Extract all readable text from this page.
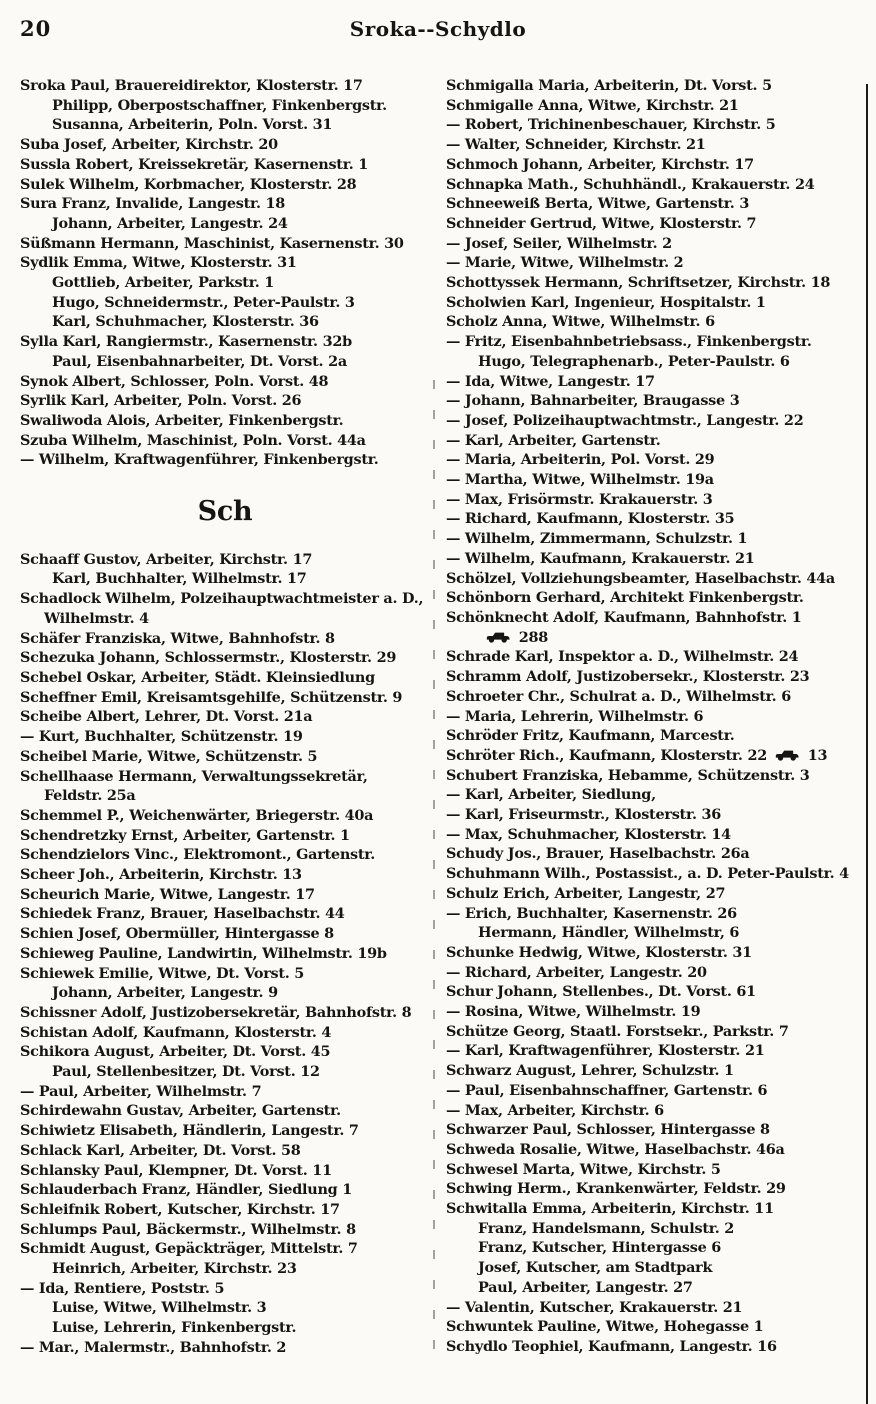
20	Sroka--Schydlo
Sroka Paul, Brauereidirektor, Klosterstr. 17
Philipp, Oberpostschaffner, Finkenbergstr.
Susanna, Arbeiterin, Poln. Vorst. 31
Suba Josef, Arbeiter, Kirchstr. 20
Sussla Robert, Kreissekretär, Kasernenstr. 1
Sulek Wilhelm, Korbmacher, Klosterstr. 28
Sura Franz, Invalide, Langestr. 18
Johann, Arbeiter, Langestr. 24
Süßmann Hermann, Maschinist, Kasernenstr. 30
Sydlik Emma, Witwe, Klosterstr. 31
Gottlieb, Arbeiter, Parkstr. 1
Hugo, Schneidermstr., Peter-Paulstr. 3
Karl, Schuhmacher, Klosterstr. 36
Sylla Karl, Rangiermstr., Kasernenstr. 32b
Paul, Eisenbahnarbeiter, Dt. Vorst. 2a
Synok Albert, Schlosser, Poln. Vorst. 48
Syrlik Karl, Arbeiter, Poln. Vorst. 26
Swaliwoda Alois, Arbeiter, Finkenbergstr.
Szuba Wilhelm, Maschinist, Poln. Vorst. 44a
— Wilhelm, Kraftwagenführer, Finkenbergstr.
Sch
Schaaff Gustov, Arbeiter, Kirchstr. 17
Karl, Buchhalter, Wilhelmstr. 17
Schadlock Wilhelm, Polzeihauptwachtmeister a. D., Wilhelmstr. 4
Schäfer Franziska, Witwe, Bahnhofstr. 8
Schezuka Johann, Schlossermstr., Klosterstr. 29
Schebel Oskar, Arbeiter, Städt. Kleinsiedlung
Scheffner Emil, Kreisamtsgehilfe, Schützenstr. 9
Scheibe Albert, Lehrer, Dt. Vorst. 21a
— Kurt, Buchhalter, Schützenstr. 19
Scheibel Marie, Witwe, Schützenstr. 5
Schellhaase Hermann, Verwaltungssekretär, Feldstr. 25a
Schemmel P., Weichenwärter, Briegerstr. 40a
Schendretzky Ernst, Arbeiter, Gartenstr. 1
Schendzielors Vinc., Elektromont., Gartenstr.
Scheer Joh., Arbeiterin, Kirchstr. 13
Scheurich Marie, Witwe, Langestr. 17
Schiedek Franz, Brauer, Haselbachstr. 44
Schien Josef, Obermüller, Hintergasse 8
Schieweg Pauline, Landwirtin, Wilhelmstr. 19b
Schiewek Emilie, Witwe, Dt. Vorst. 5
Johann, Arbeiter, Langestr. 9
Schissner Adolf, Justizobersekretär, Bahnhofstr. 8
Schistan Adolf, Kaufmann, Klosterstr. 4
Schikora August, Arbeiter, Dt. Vorst. 45
Paul, Stellenbesitzer, Dt. Vorst. 12
— Paul, Arbeiter, Wilhelmstr. 7
Schirdewahn Gustav, Arbeiter, Gartenstr.
Schiwietz Elisabeth, Händlerin, Langestr. 7
Schlack Karl, Arbeiter, Dt. Vorst. 58
Schlansky Paul, Klempner, Dt. Vorst. 11
Schlauderbach Franz, Händler, Siedlung 1
Schleifnik Robert, Kutscher, Kirchstr. 17
Schlumps Paul, Bäckermstr., Wilhelmstr. 8
Schmidt August, Gepäckträger, Mittelstr. 7
Heinrich, Arbeiter, Kirchstr. 23
— Ida, Rentiere, Poststr. 5
Luise, Witwe, Wilhelmstr. 3
Luise, Lehrerin, Finkenbergstr.
— Mar., Malermstr., Bahnhofstr. 2
Schmigalla Maria, Arbeiterin, Dt. Vorst. 5
Schmigalle Anna, Witwe, Kirchstr. 21
— Robert, Trichinenbeschauer, Kirchstr. 5
— Walter, Schneider, Kirchstr. 21
Schmoch Johann, Arbeiter, Kirchstr. 17
Schnapka Math., Schuhhändl., Krakauerstr. 24
Schneeweiß Berta, Witwe, Gartenstr. 3
Schneider Gertrud, Witwe, Klosterstr. 7
— Josef, Seiler, Wilhelmstr. 2
— Marie, Witwe, Wilhelmstr. 2
Schottyssek Hermann, Schriftsetzer, Kirchstr. 18
Scholwien Karl, Ingenieur, Hospitalstr. 1
Scholz Anna, Witwe, Wilhelmstr. 6
— Fritz, Eisenbahnbetriebsass., Finkenbergstr.
Hugo, Telegraphenarb., Peter-Paulstr. 6
— Ida, Witwe, Langestr. 17
— Johann, Bahnarbeiter, Braugasse 3
— Josef, Polizeihauptwachtmstr., Langestr. 22
— Karl, Arbeiter, Gartenstr.
— Maria, Arbeiterin, Pol. Vorst. 29
— Martha, Witwe, Wilhelmstr. 19a
— Max, Frisörmstr. Krakauerstr. 3
— Richard, Kaufmann, Klosterstr. 35
— Wilhelm, Zimmermann, Schulzstr. 1
— Wilhelm, Kaufmann, Krakauerstr. 21
Schölzel, Vollziehungsbeamter, Haselbachstr. 44a
Schönborn Gerhard, Architekt Finkenbergstr.
Schönknecht Adolf, Kaufmann, Bahnhofstr. 1
288
Schrade Karl, Inspektor a. D., Wilhelmstr. 24
Schramm Adolf, Justizobersekr., Klosterstr. 23
Schroeter Chr., Schulrat a. D., Wilhelmstr. 6
— Maria, Lehrerin, Wilhelmstr. 6
Schröder Fritz, Kaufmann, Marcestr.
Schröter Rich., Kaufmann, Klosterstr. 22	13
Schubert Franziska, Hebamme, Schützenstr. 3
— Karl, Arbeiter, Siedlung,
— Karl, Friseurmstr., Klosterstr. 36
— Max, Schuhmacher, Klosterstr. 14
Schudy Jos., Brauer, Haselbachstr. 26a
Schuhmann Wilh., Postassist., a. D. Peter-Paulstr. 4
Schulz Erich, Arbeiter, Langestr, 27
— Erich, Buchhalter, Kasernenstr. 26
Hermann, Händler, Wilhelmstr, 6
Schunke Hedwig, Witwe, Klosterstr. 31
— Richard, Arbeiter, Langestr. 20
Schur Johann, Stellenbes., Dt. Vorst. 61
— Rosina, Witwe, Wilhelmstr. 19
Schütze Georg, Staatl. Forstsekr., Parkstr. 7
— Karl, Kraftwagenführer, Klosterstr. 21
Schwarz August, Lehrer, Schulzstr. 1
— Paul, Eisenbahnschaffner, Gartenstr. 6
— Max, Arbeiter, Kirchstr. 6
Schwarzer Paul, Schlosser, Hintergasse 8
Schweda Rosalie, Witwe, Haselbachstr. 46a
Schwesel Marta, Witwe, Kirchstr. 5
Schwing Herm., Krankenwärter, Feldstr. 29
Schwitalla Emma, Arbeiterin, Kirchstr. 11
Franz, Handelsmann, Schulstr. 2
Franz, Kutscher, Hintergasse 6
Josef, Kutscher, am Stadtpark
Paul, Arbeiter, Langestr. 27
— Valentin, Kutscher, Krakauerstr. 21
Schwuntek Pauline, Witwe, Hohegasse 1
Schydlo Teophiel, Kaufmann, Langestr. 16
